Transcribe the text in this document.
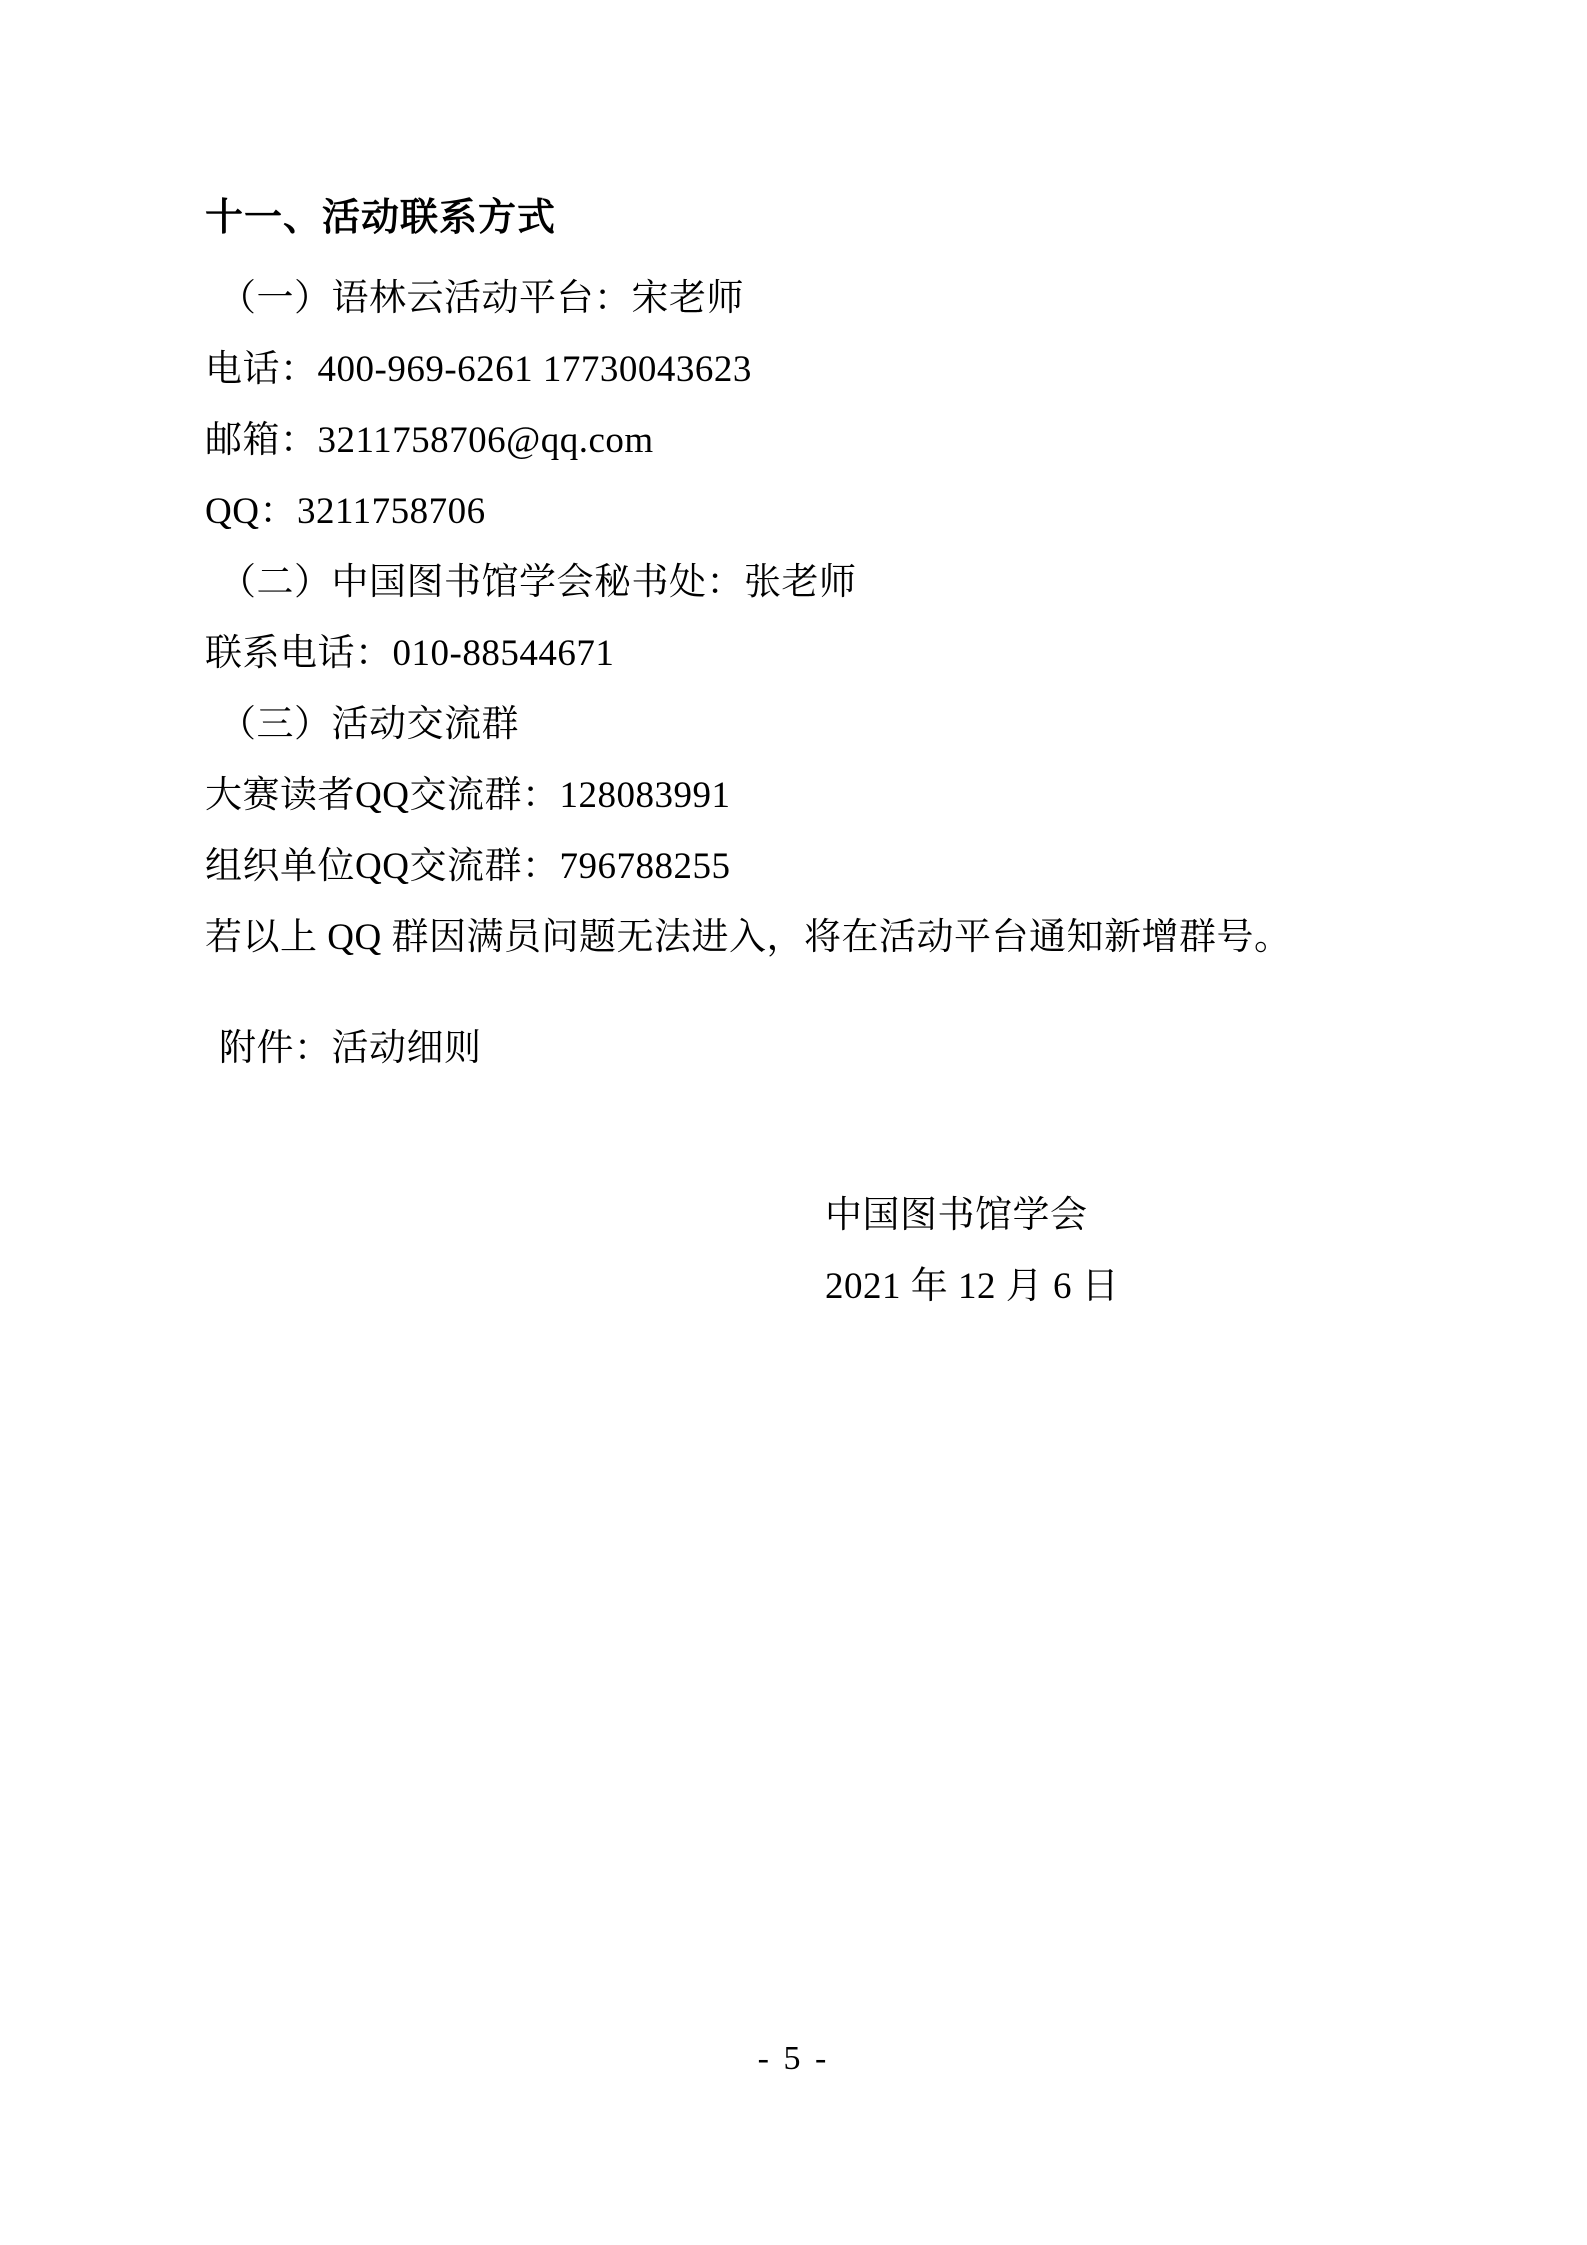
十一、活动联系方式
（一）语林云活动平台：宋老师
电话：400-969-6261 17730043623
邮箱：3211758706@qq.com
QQ：3211758706
（二）中国图书馆学会秘书处：张老师
联系电话：010-88544671
（三）活动交流群
大赛读者QQ交流群：128083991
组织单位QQ交流群：796788255
若以上 QQ 群因满员问题无法进入，将在活动平台通知新增群号。
附件：活动细则
中国图书馆学会
2021 年 12 月 6 日
- 5 -
